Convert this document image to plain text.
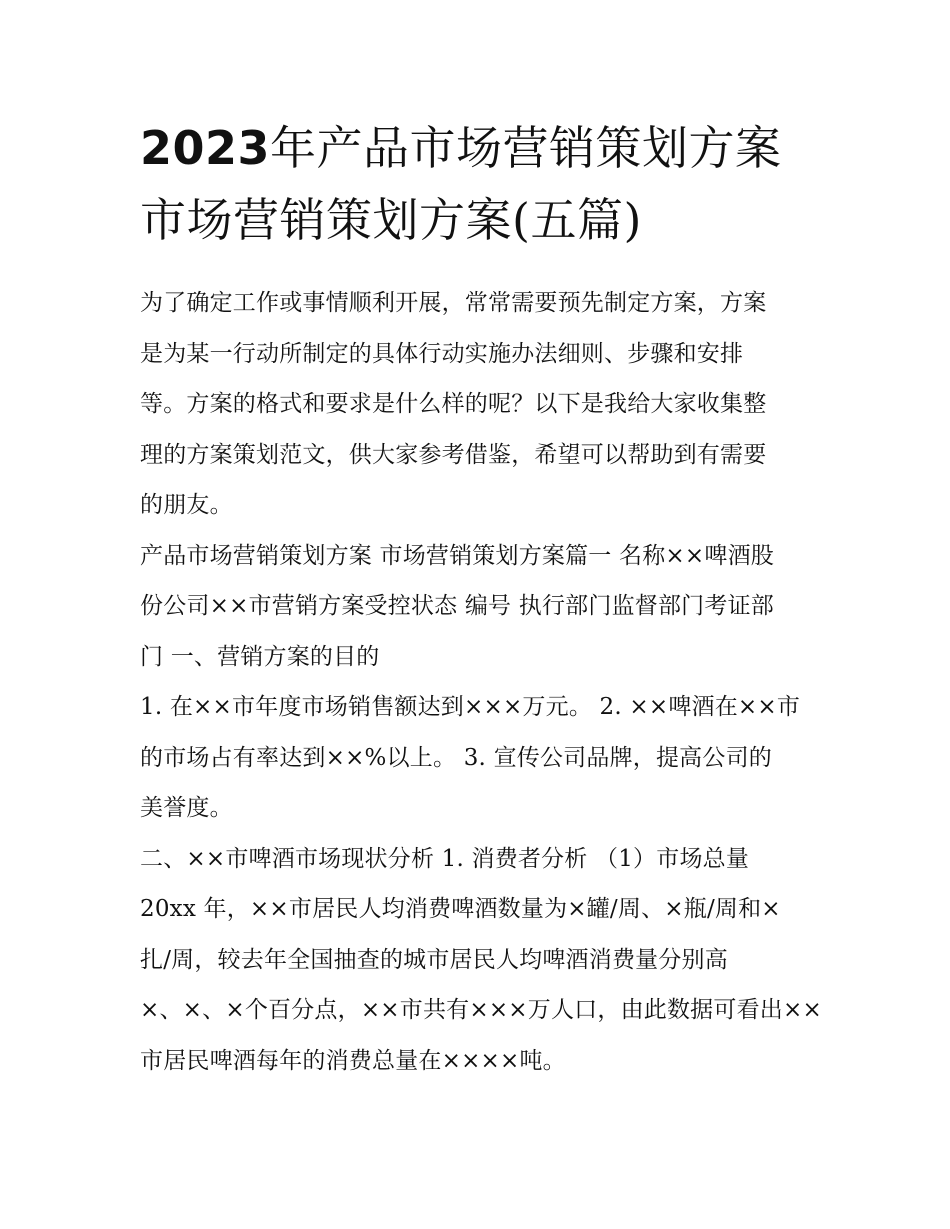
2023年产品市场营销策划方案
市场营销策划方案(五篇)

为了确定工作或事情顺利开展，常常需要预先制定方案，方案
是为某一行动所制定的具体行动实施办法细则、步骤和安排
等。方案的格式和要求是什么样的呢？以下是我给大家收集整
理的方案策划范文，供大家参考借鉴，希望可以帮助到有需要
的朋友。

产品市场营销策划方案 市场营销策划方案篇一 名称××啤酒股
份公司××市营销方案受控状态 编号 执行部门监督部门考证部
门 一、营销方案的目的

1. 在××市年度市场销售额达到×××万元。 2. ××啤酒在××市
的市场占有率达到××%以上。 3. 宣传公司品牌，提高公司的
美誉度。

二、××市啤酒市场现状分析 1. 消费者分析 （1）市场总量
20xx 年，××市居民人均消费啤酒数量为×罐/周、×瓶/周和×
扎/周，较去年全国抽查的城市居民人均啤酒消费量分别高
×、×、×个百分点，××市共有×××万人口，由此数据可看出××
市居民啤酒每年的消费总量在××××吨。
